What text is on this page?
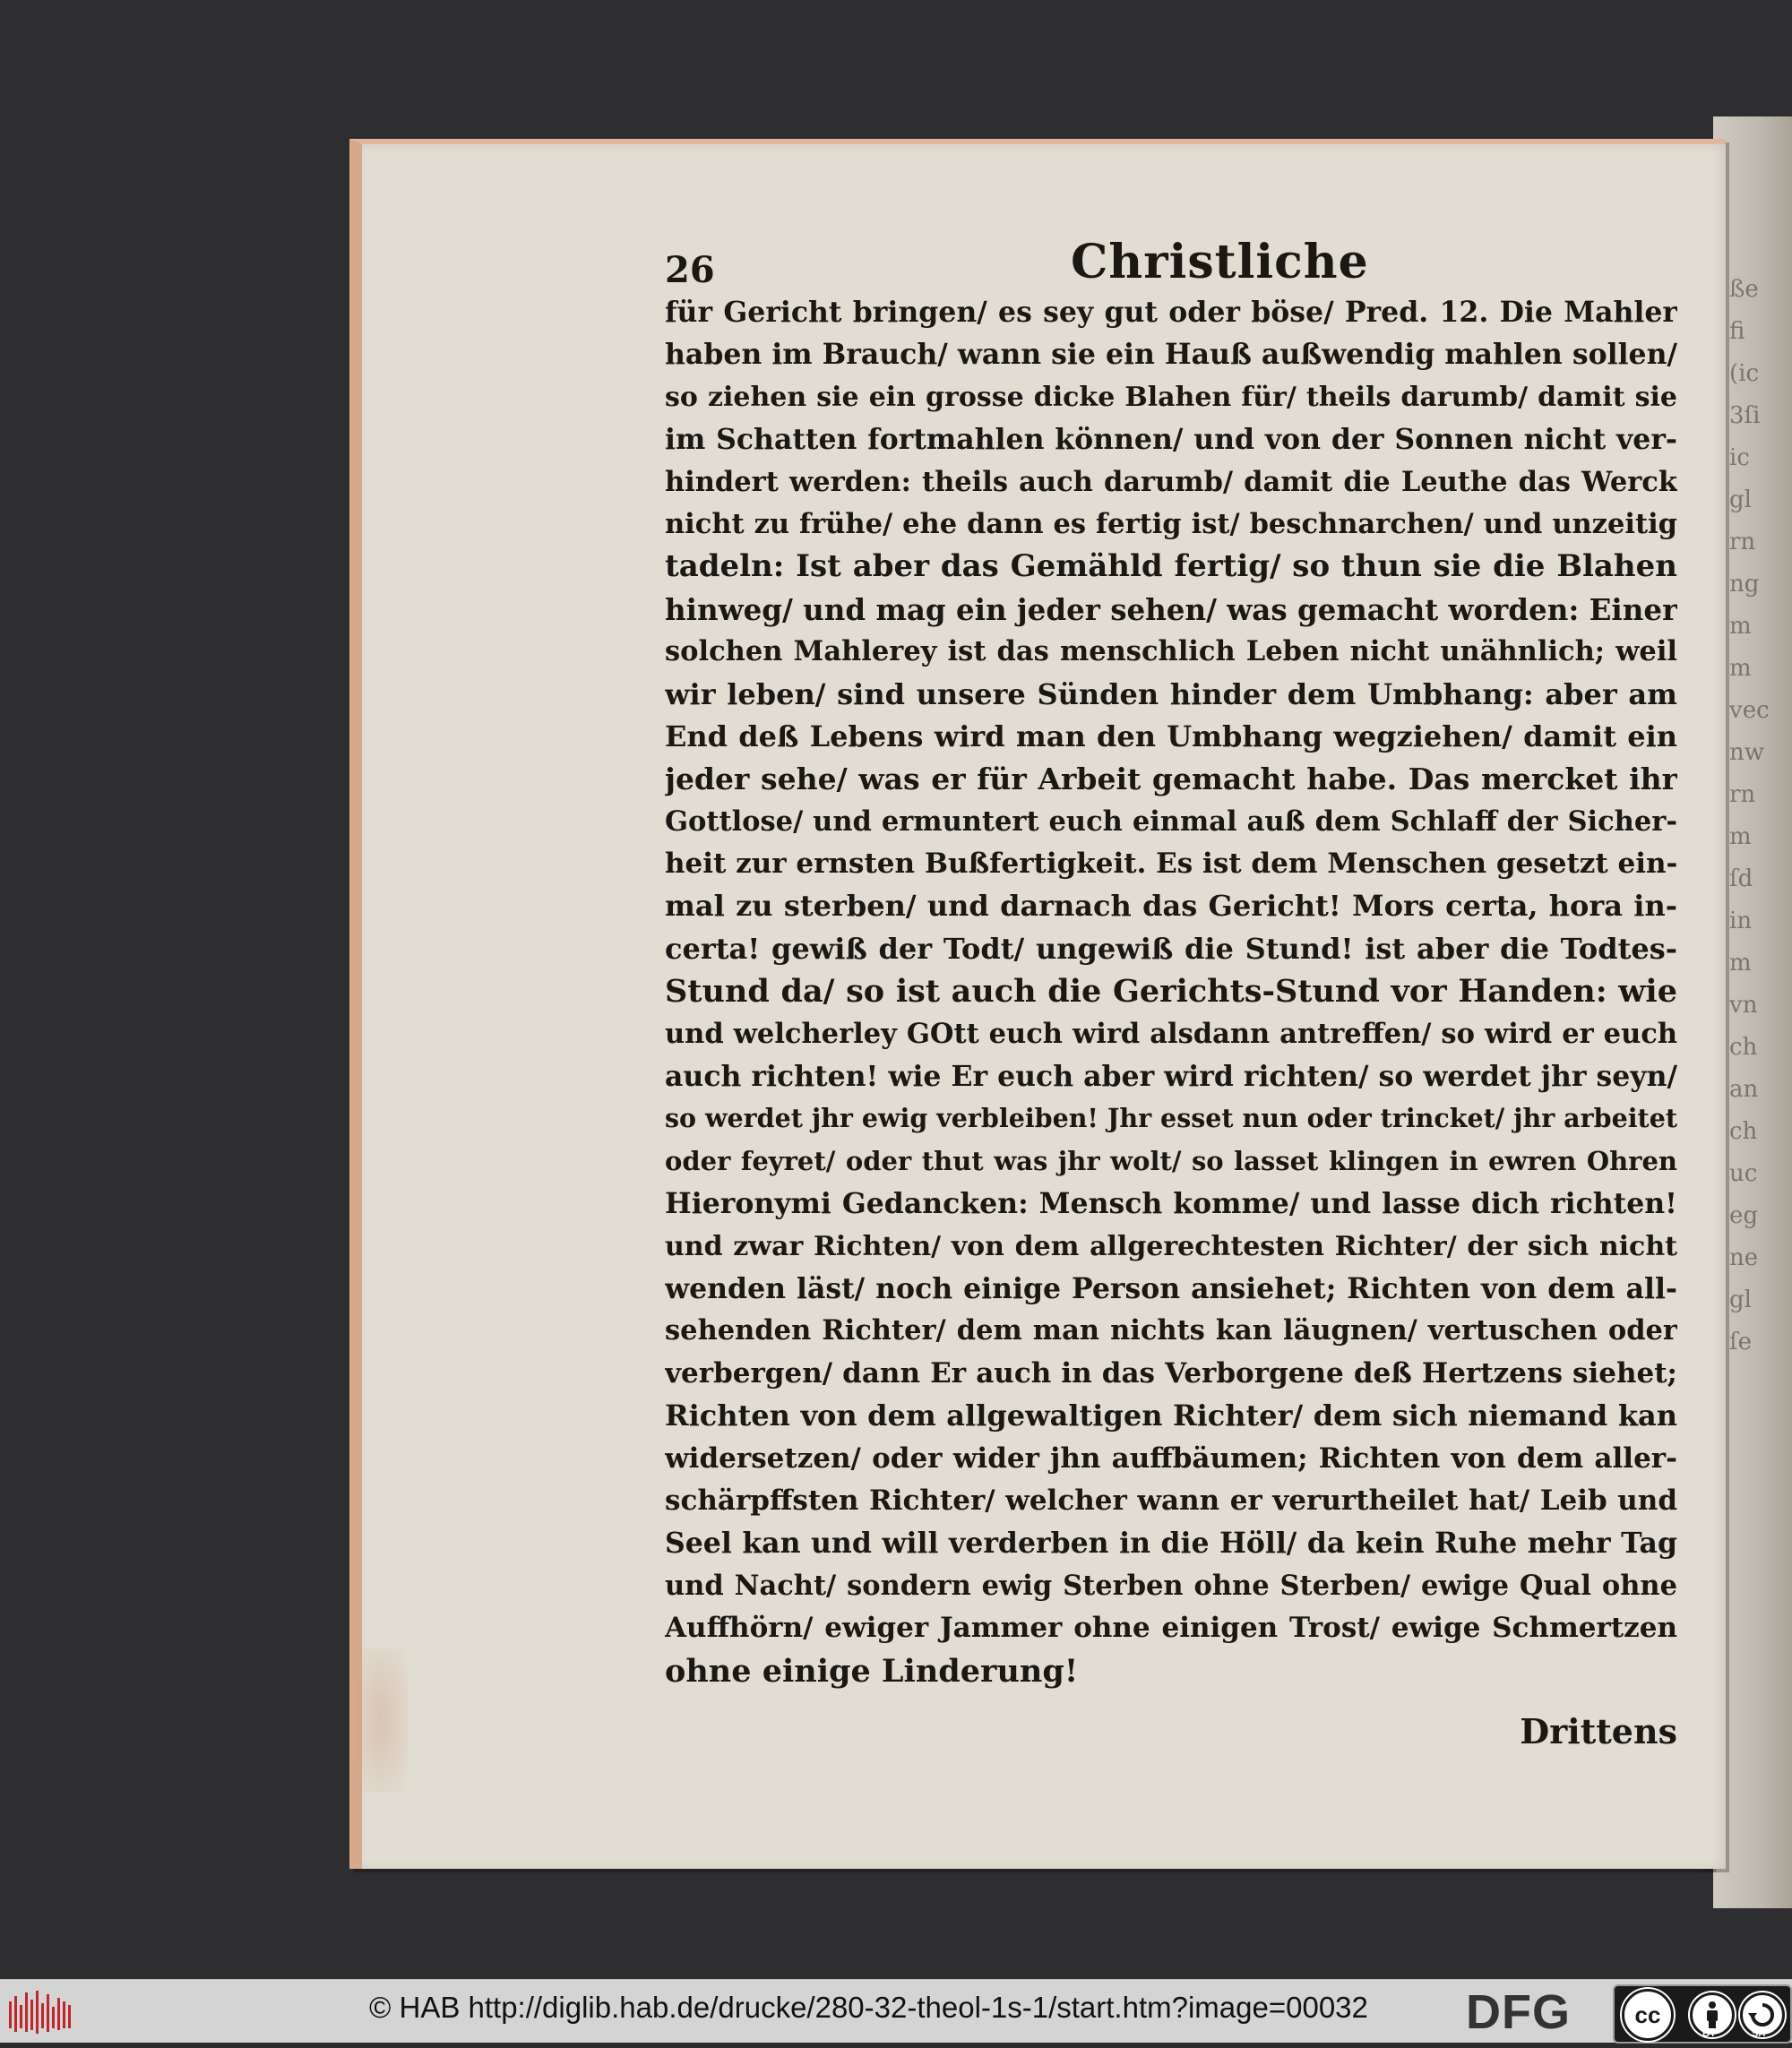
ße
fi
(ic
3ſi
ic
gl
rn
ng
m
m
vec
nw
rn
m
ſd
in
m
vn
ch
an
ch
uc
eg
ne
gl
ſe
26	Christliche
für Gericht bringen/ es sey gut oder böse/ Pred. 12. Die Mahler
haben im Brauch/ wann sie ein Hauß außwendig mahlen sollen/
so ziehen sie ein grosse dicke Blahen für/ theils darumb/ damit sie
im Schatten fortmahlen können/ und von der Sonnen nicht ver-
hindert werden: theils auch darumb/ damit die Leuthe das Werck
nicht zu frühe/ ehe dann es fertig ist/ beschnarchen/ und unzeitig
tadeln: Ist aber das Gemähld fertig/ so thun sie die Blahen
hinweg/ und mag ein jeder sehen/ was gemacht worden: Einer
solchen Mahlerey ist das menschlich Leben nicht unähnlich; weil
wir leben/ sind unsere Sünden hinder dem Umbhang: aber am
End deß Lebens wird man den Umbhang wegziehen/ damit ein
jeder sehe/ was er für Arbeit gemacht habe. Das mercket ihr
Gottlose/ und ermuntert euch einmal auß dem Schlaff der Sicher-
heit zur ernsten Bußfertigkeit. Es ist dem Menschen gesetzt ein-
mal zu sterben/ und darnach das Gericht! Mors certa, hora in-
certa! gewiß der Todt/ ungewiß die Stund! ist aber die Todtes-
Stund da/ so ist auch die Gerichts-Stund vor Handen: wie
und welcherley GOtt euch wird alsdann antreffen/ so wird er euch
auch richten! wie Er euch aber wird richten/ so werdet jhr seyn/
so werdet jhr ewig verbleiben! Jhr esset nun oder trincket/ jhr arbeitet
oder feyret/ oder thut was jhr wolt/ so lasset klingen in ewren Ohren
Hieronymi Gedancken: Mensch komme/ und lasse dich richten!
und zwar Richten/ von dem allgerechtesten Richter/ der sich nicht
wenden läst/ noch einige Person ansiehet; Richten von dem all-
sehenden Richter/ dem man nichts kan läugnen/ vertuschen oder
verbergen/ dann Er auch in das Verborgene deß Hertzens siehet;
Richten von dem allgewaltigen Richter/ dem sich niemand kan
widersetzen/ oder wider jhn auffbäumen; Richten von dem aller-
schärpffsten Richter/ welcher wann er verurtheilet hat/ Leib und
Seel kan und will verderben in die Höll/ da kein Ruhe mehr Tag
und Nacht/ sondern ewig Sterben ohne Sterben/ ewige Qual ohne
Auffhörn/ ewiger Jammer ohne einigen Trost/ ewige Schmertzen
ohne einige Linderung!
Drittens
© HAB http://diglib.hab.de/drucke/280-32-theol-1s-1/start.htm?image=00032 DFG	cc
BY	SA
